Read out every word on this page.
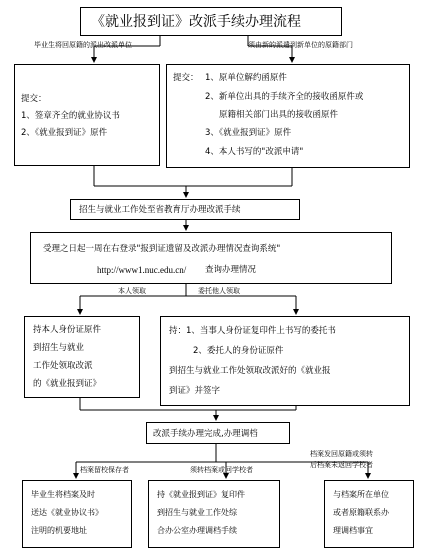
《就业报到证》改派手续办理流程
毕业生将回原籍的派出改派单位	须由新的派遣到新单位的原籍部门
提交：
1、签章齐全的就业协议书
2、《就业报到证》原件
提交： 1、原单位解约函原件
2、新单位出具的手续齐全的接收函原件或
原籍相关部门出具的接收函原件
3、《就业报到证》原件
4、本人书写的"改派申请"
招生与就业工作处至省教育厅办理改派手续
受理之日起一周在右登录"报到证遗留及改派办理情况查询系统"
http://www1.nuc.edu.cn/ 查询办理情况
本人领取	委托他人领取
持本人身份证原件
到招生与就业
工作处领取改派
的《就业报到证》
持：1、当事人身份证复印件上书写的委托书
2、委托人的身份证原件
到招生与就业工作处领取改派好的《就业报
到证》并签字
改派手续办理完成,办理调档
档案留校保存者	须转档案或回学校者
档案发回原籍或须转
后档案未返回学校者
毕业生将档案及时
送达《就业协议书》
注明的机要地址
持《就业报到证》复印件
到招生与就业工作处综
合办公室办理调档手续
与档案所在单位
或者原籍联系办
理调档事宜
